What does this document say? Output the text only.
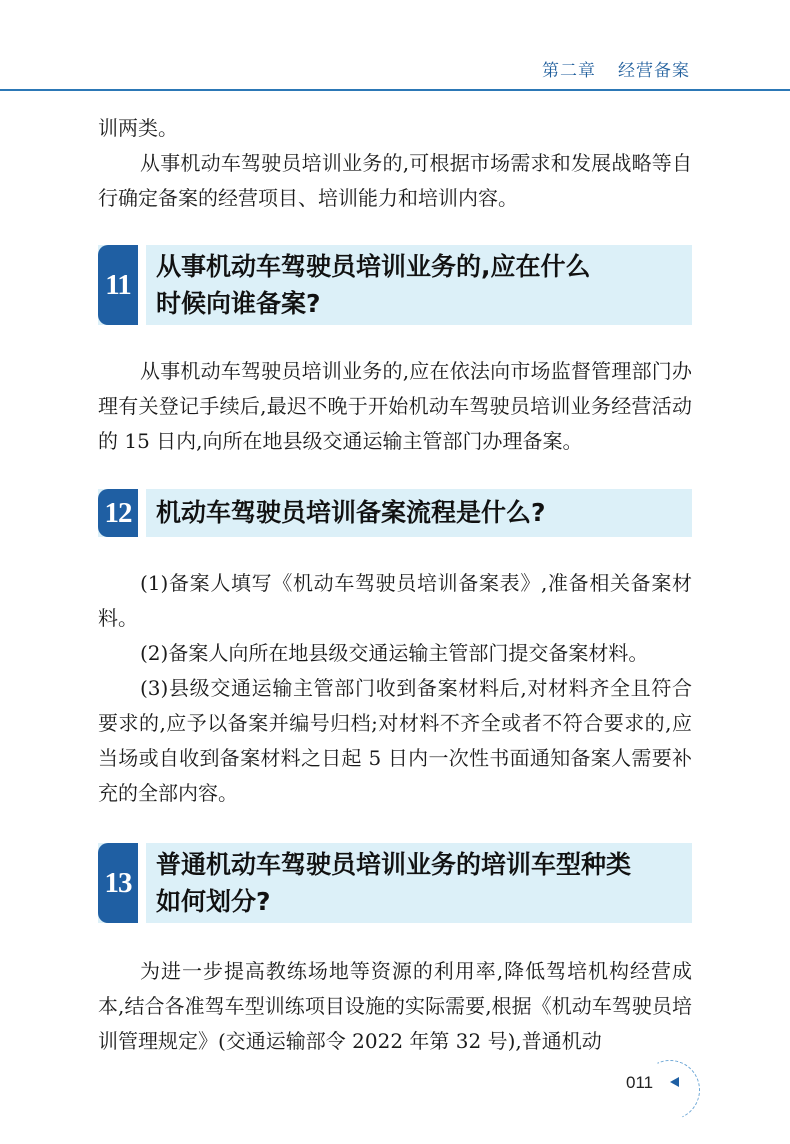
第二章 经营备案

训两类。

从事机动车驾驶员培训业务的,可根据市场需求和发展战略等自行确定备案的经营项目、培训能力和培训内容。

11
从事机动车驾驶员培训业务的,应在什么
时候向谁备案?

从事机动车驾驶员培训业务的,应在依法向市场监督管理部门办理有关登记手续后,最迟不晚于开始机动车驾驶员培训业务经营活动的 15 日内,向所在地县级交通运输主管部门办理备案。

12 机动车驾驶员培训备案流程是什么?

(1)备案人填写《机动车驾驶员培训备案表》,准备相关备案材料。

(2)备案人向所在地县级交通运输主管部门提交备案材料。

(3)县级交通运输主管部门收到备案材料后,对材料齐全且符合要求的,应予以备案并编号归档;对材料不齐全或者不符合要求的,应当场或自收到备案材料之日起 5 日内一次性书面通知备案人需要补充的全部内容。

13
普通机动车驾驶员培训业务的培训车型种类
如何划分?

为进一步提高教练场地等资源的利用率,降低驾培机构经营成本,结合各准驾车型训练项目设施的实际需要,根据《机动车驾驶员培训管理规定》(交通运输部令 2022 年第 32 号),普通机动

011
